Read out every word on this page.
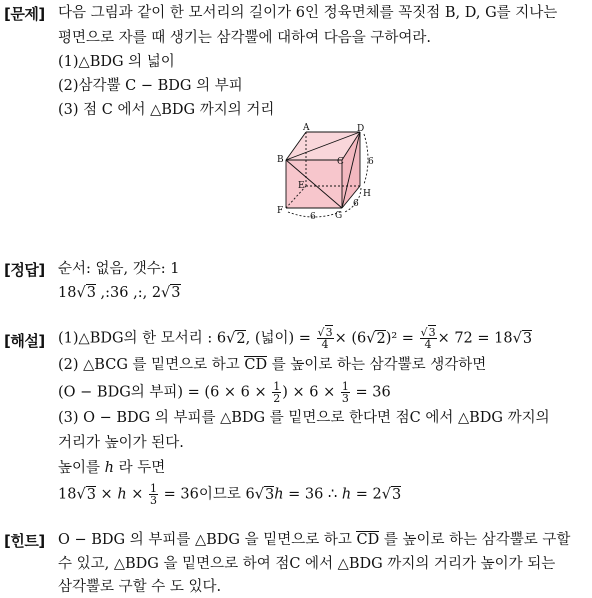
[문제] 다음 그림과 같이 한 모서리의 길이가 6인 정육면체를 꼭짓점 B, D, G를 지나는
평면으로 자를 때 생기는 삼각뿔에 대하여 다음을 구하여라.
(1)△BDG 의 넓이
(2)삼각뿔 C − BDG 의 부피
(3) 점 C 에서 △BDG 까지의 거리
A	D
B	C
E
H
F	G
6
6
6
[정답] 순서: 없음, 갯수: 1
18√3 ,:36 ,:, 2√3
[해설] (1)△BDG의 한 모서리 : 6√2, (넓이) = $\frac{√3}{4} \times (6√2)^2 = \frac{√3}{4} \times 72 = 18√3$
(2) △BCG 를 밑면으로 하고 CD 를 높이로 하는 삼각뿔로 생각하면
(O − BDG의 부피) = ($6 \times 6 \times \frac{1}{2}$ ) × $6 \times \frac{1}{3} = 36$
(3) O − BDG 의 부피를 △BDG 를 밑면으로 한다면 점C 에서 △BDG 까지의
거리가 높이가 된다.
높이를 h 라 두면
$18√3 \times h \times \frac{1}{3} = 36$이므로 6√3h = 36 ∴ h = 2√3
[힌트] O − BDG 의 부피를 △BDG 을 밑면으로 하고 CD 를 높이로 하는 삼각뿔로 구할
수 있고, △BDG 을 밑면으로 하여 점C 에서 △BDG 까지의 거리가 높이가 되는
삼각뿔로 구할 수 도 있다.
